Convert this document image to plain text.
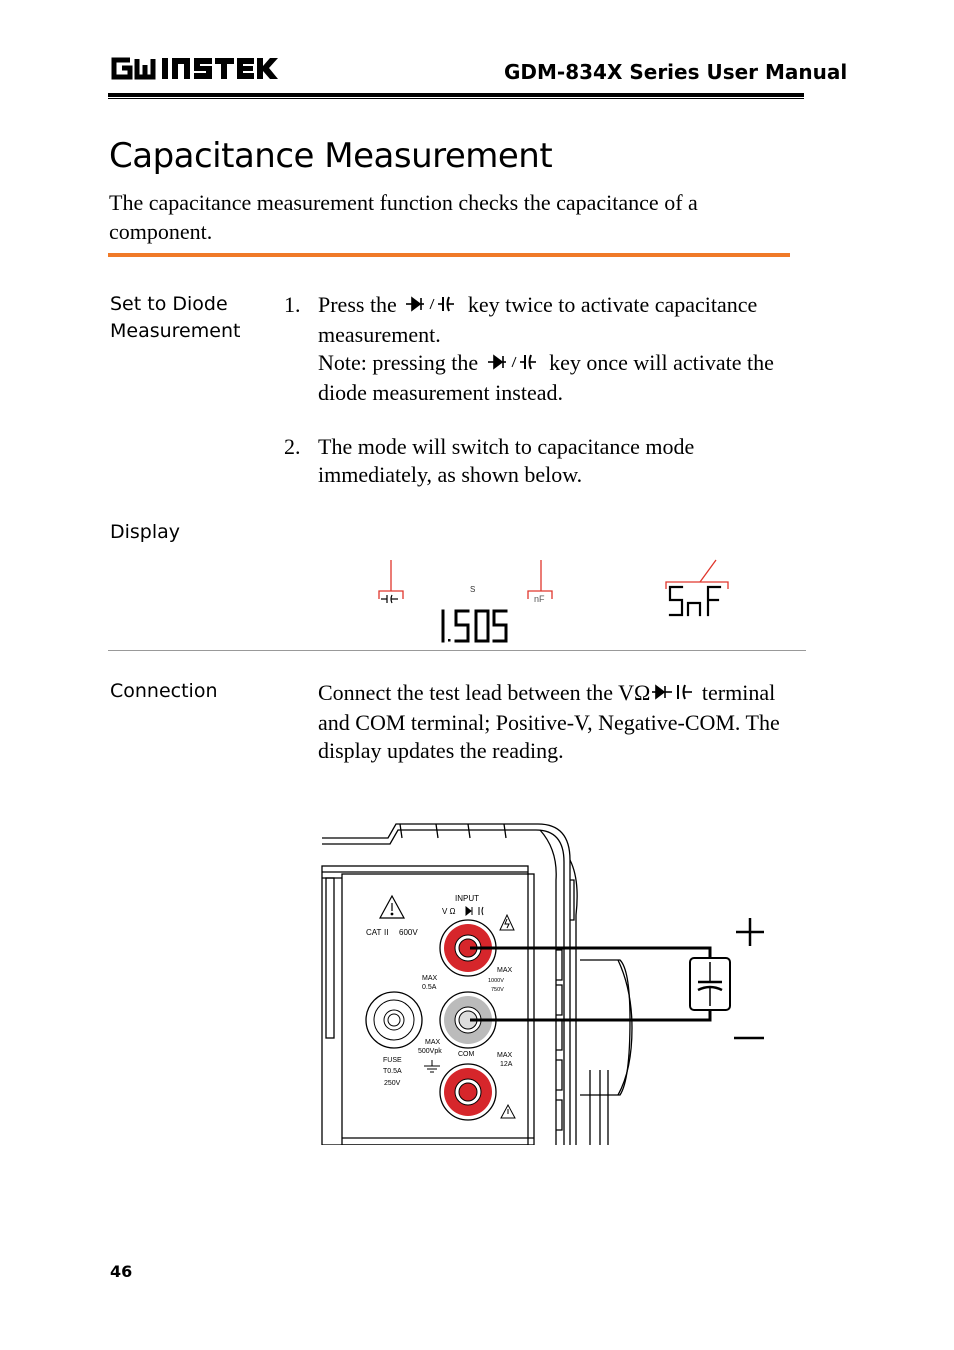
GDM-834X Series User Manual
Capacitance Measurement
The capacitance measurement function checks the capacitance of a component.
Set to Diode Measurement
1. Press the	key twice to activate capacitance measurement.
Note: pressing the	key once will activate the diode measurement instead.
2. The mode will switch to capacitance mode immediately, as shown below.
Display
S
nF
Connection	Connect the test lead between the VΩ terminal and COM terminal; Positive-V, Negative-COM. The display updates the reading.
CAT II 600V
INPUT
V Ω
MAX
1000V
750V
MAX
0.5A
MAX
500Vpk COM	MAX
12A
FUSE
T0.5A
250V
46
